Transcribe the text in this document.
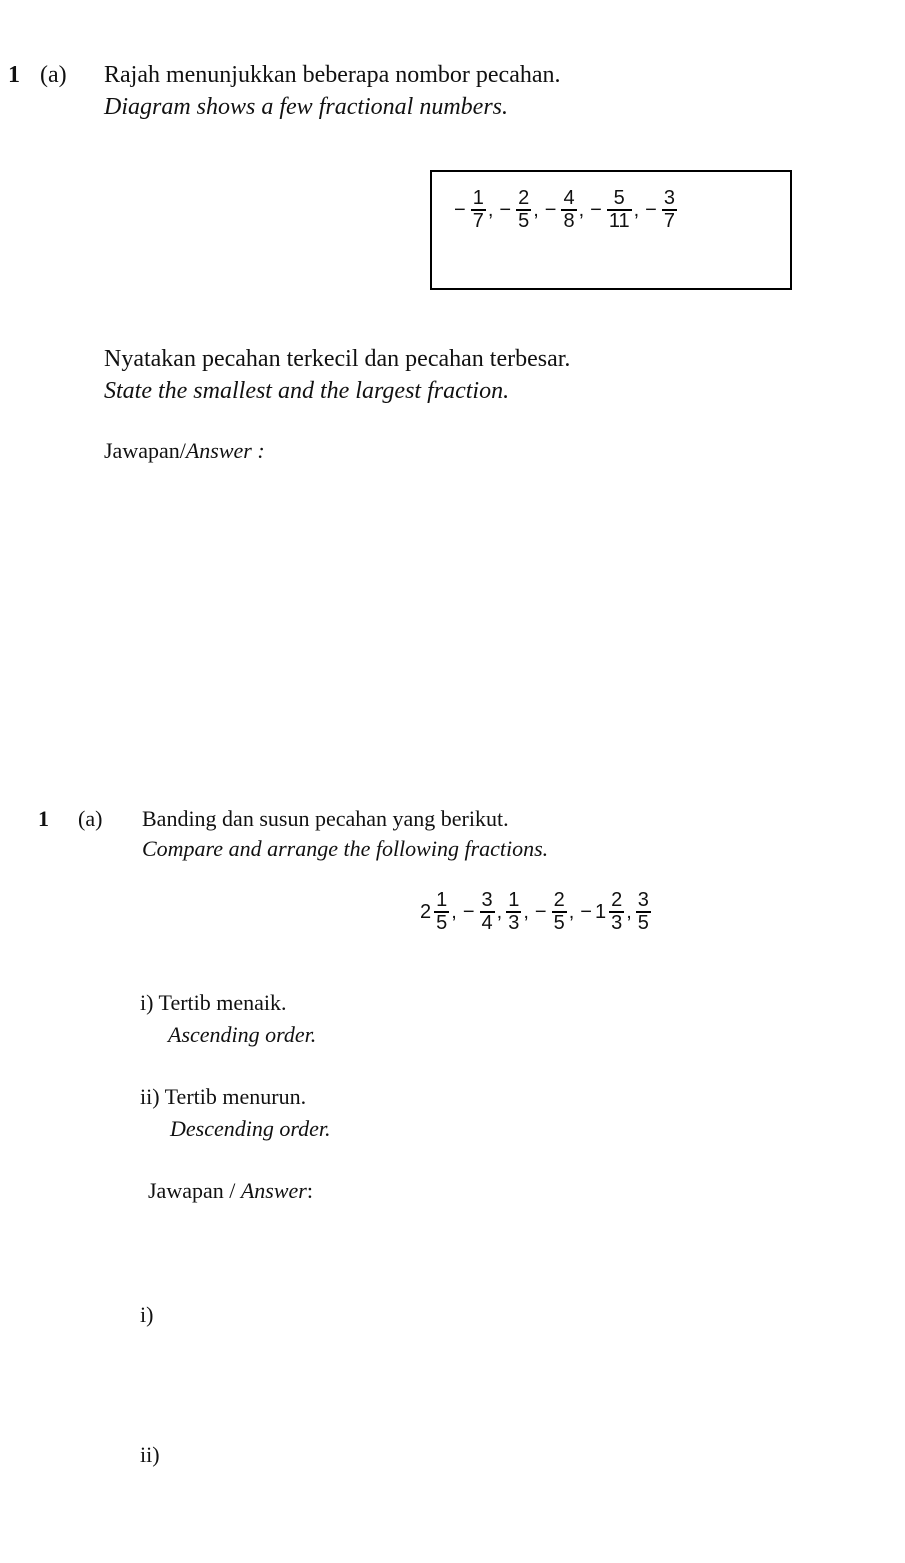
1 (a) Rajah menunjukkan beberapa nombor pecahan.
Diagram shows a few fractional numbers.
− $\frac{1}{7}$ , − $\frac{2}{5}$ , − $\frac{4}{8}$ , − $\frac{5}{11}$ , − $\frac{3}{7}$
Nyatakan pecahan terkecil dan pecahan terbesar.
State the smallest and the largest fraction.
Jawapan/Answer :
1 (a) Banding dan susun pecahan yang berikut.
Compare and arrange the following fractions.
$2 \frac{1}{5}$ , − $\frac{3}{4}$ , $\frac{1}{3}$ , − $\frac{2}{5}$ , − $1 \frac{2}{3}$ , $\frac{3}{5}$
i) Tertib menaik.
Ascending order.
ii) Tertib menurun.
Descending order.
Jawapan / Answer:
i)
ii)
